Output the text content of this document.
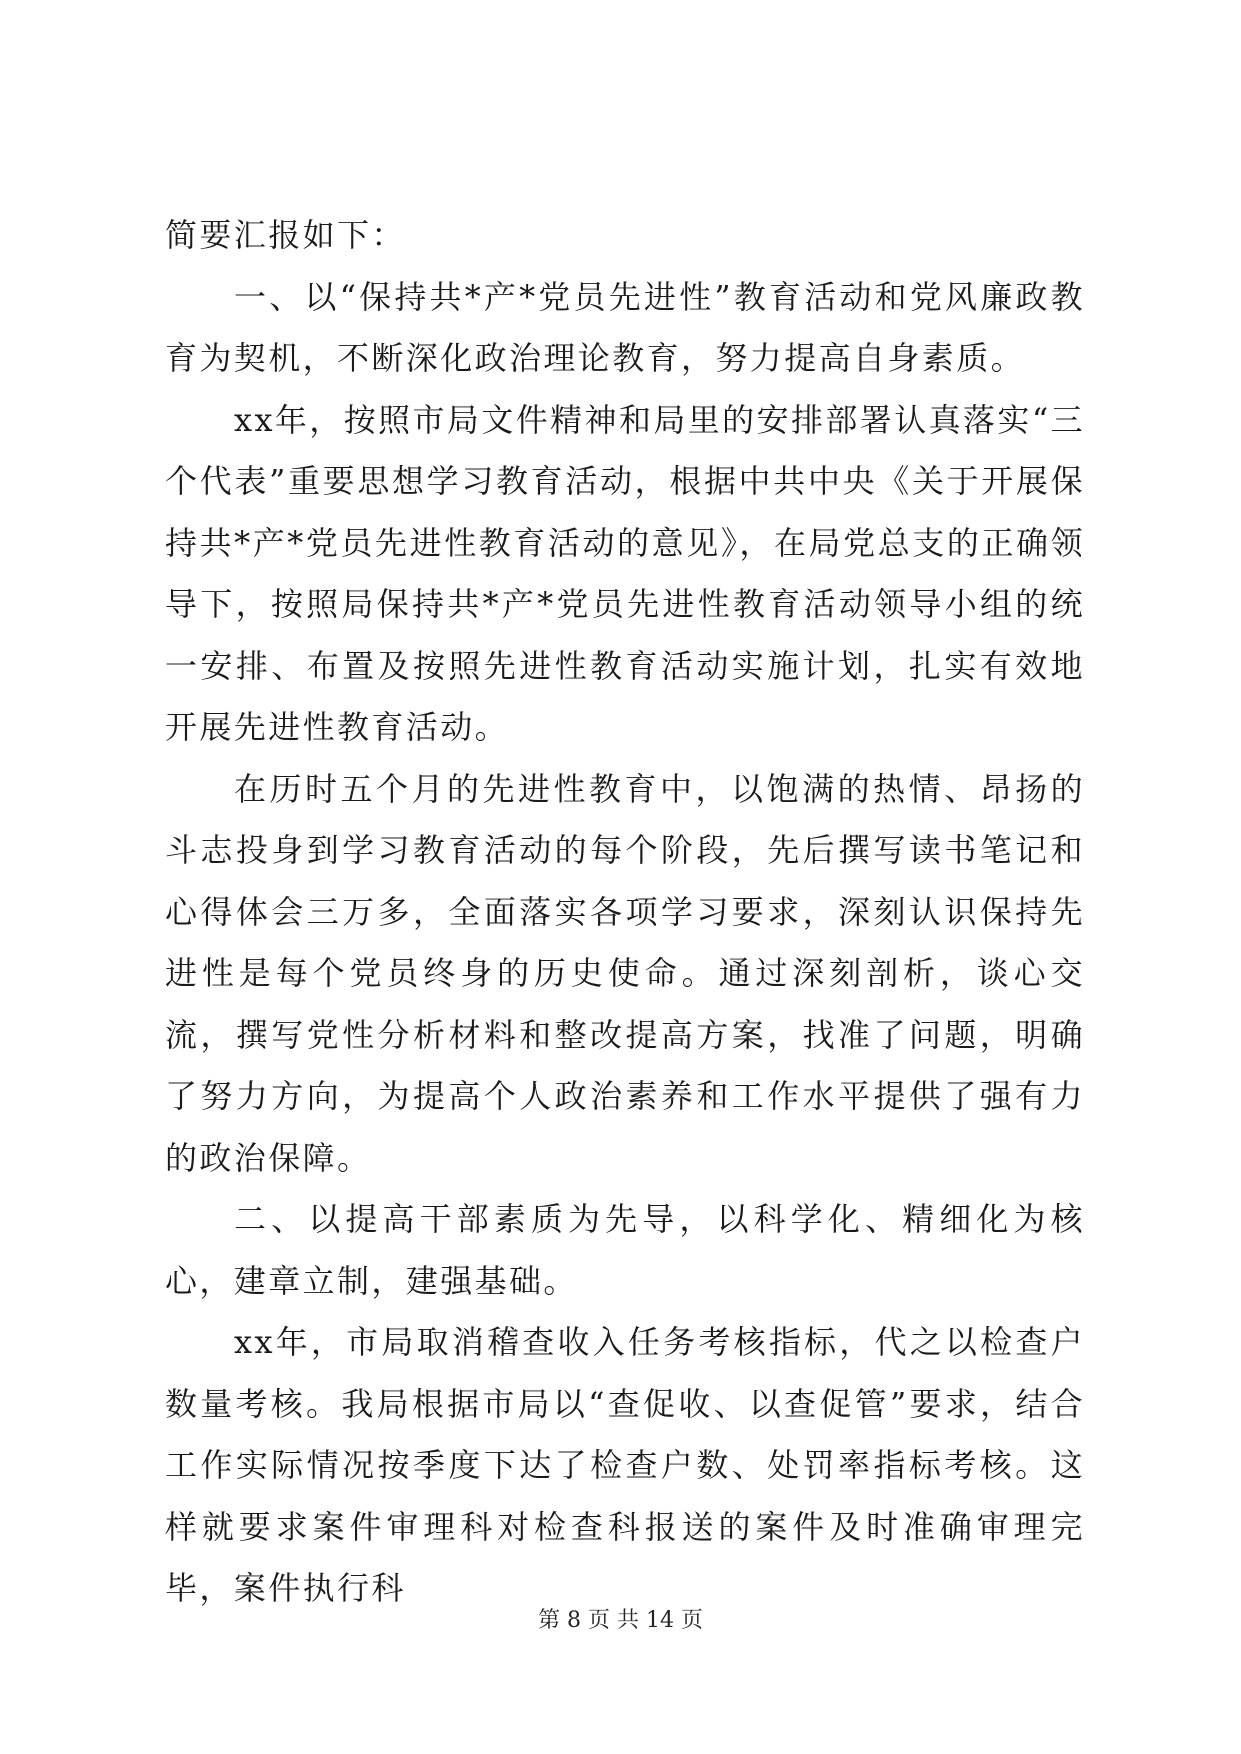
简要汇报如下：

一、以“保持共*产*党员先进性”教育活动和党风廉政教育为契机，不断深化政治理论教育，努力提高自身素质。

xx年，按照市局文件精神和局里的安排部署认真落实“三个代表”重要思想学习教育活动，根据中共中央《关于开展保持共*产*党员先进性教育活动的意见》，在局党总支的正确领导下，按照局保持共*产*党员先进性教育活动领导小组的统一安排、布置及按照先进性教育活动实施计划，扎实有效地开展先进性教育活动。

在历时五个月的先进性教育中，以饱满的热情、昂扬的斗志投身到学习教育活动的每个阶段，先后撰写读书笔记和心得体会三万多，全面落实各项学习要求，深刻认识保持先进性是每个党员终身的历史使命。通过深刻剖析，谈心交流，撰写党性分析材料和整改提高方案，找准了问题，明确了努力方向，为提高个人政治素养和工作水平提供了强有力的政治保障。

二、以提高干部素质为先导，以科学化、精细化为核心，建章立制，建强基础。

xx年，市局取消稽查收入任务考核指标，代之以检查户数量考核。我局根据市局以“查促收、以查促管”要求，结合工作实际情况按季度下达了检查户数、处罚率指标考核。这样就要求案件审理科对检查科报送的案件及时准确审理完毕，案件执行科

第 8 页 共 14 页
